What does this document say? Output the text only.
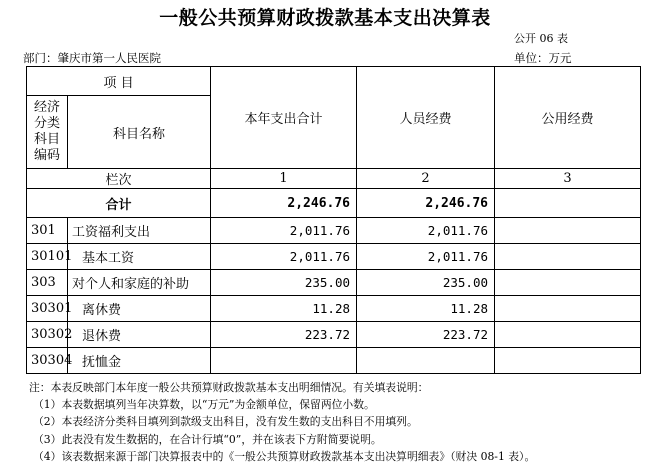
一般公共预算财政拨款基本支出决算表
公开 06 表
部门：肇庆市第一人民医院	单位：万元
项 目		本年支出合计	人员经费	公用经费

经济
分类
科目
编码	科目名称			
栏次		1	2	3
合计		2,246.76	2,246.76	
301	工资福利支出	2,011.76	2,011.76	
30101	基本工资	2,011.76	2,011.76	
303	对个人和家庭的补助	235.00	235.00	
30301	离休费	11.28	11.28	
30302	退休费	223.72	223.72	
30304	抚恤金			
注：本表反映部门本年度一般公共预算财政拨款基本支出明细情况。有关填表说明：
（1）本表数据填列当年决算数，以“万元”为金额单位，保留两位小数。
（2）本表经济分类科目填列到款级支出科目，没有发生数的支出科目不用填列。
（3）此表没有发生数据的，在合计行填“0”，并在该表下方附简要说明。
（4）该表数据来源于部门决算报表中的《一般公共预算财政拨款基本支出决算明细表》（财决 08-1 表）。
